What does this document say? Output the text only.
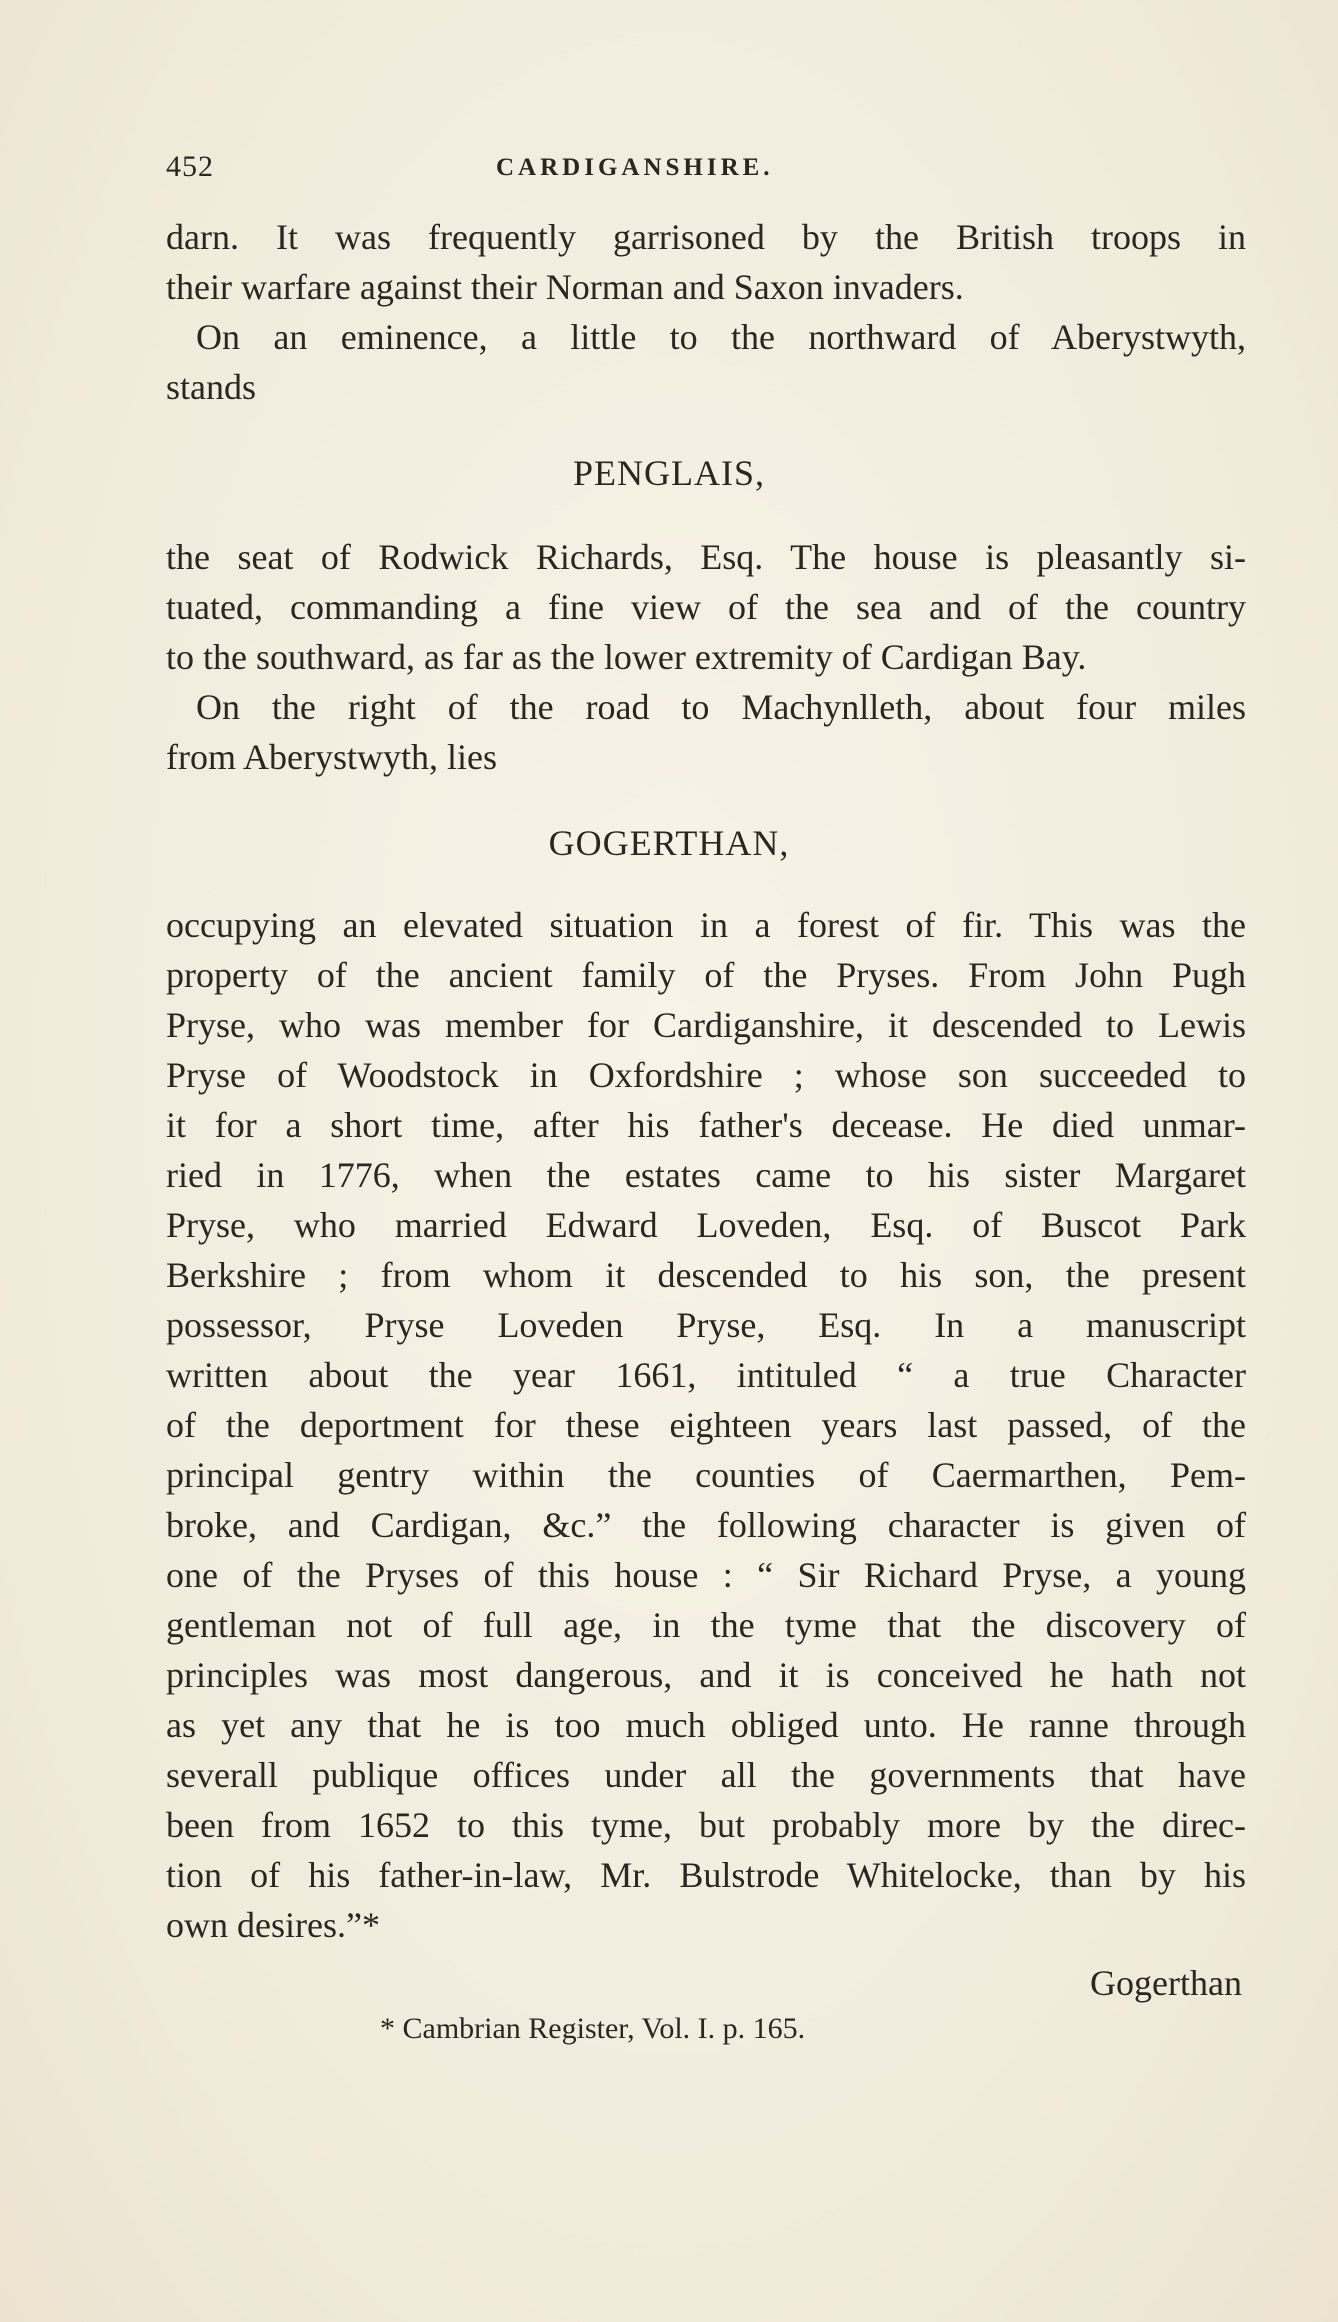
452	CARDIGANSHIRE.
darn. It was frequently garrisoned by the British troops in
their warfare against their Norman and Saxon invaders.
On an eminence, a little to the northward of Aberystwyth,
stands
PENGLAIS,
the seat of Rodwick Richards, Esq. The house is pleasantly si-
tuated, commanding a fine view of the sea and of the country
to the southward, as far as the lower extremity of Cardigan Bay.
On the right of the road to Machynlleth, about four miles
from Aberystwyth, lies
GOGERTHAN,
occupying an elevated situation in a forest of fir. This was the
property of the ancient family of the Pryses. From John Pugh
Pryse, who was member for Cardiganshire, it descended to Lewis
Pryse of Woodstock in Oxfordshire ; whose son succeeded to
it for a short time, after his father's decease. He died unmar-
ried in 1776, when the estates came to his sister Margaret
Pryse, who married Edward Loveden, Esq. of Buscot Park
Berkshire ; from whom it descended to his son, the present
possessor, Pryse Loveden Pryse, Esq. In a manuscript
written about the year 1661, intituled “ a true Character
of the deportment for these eighteen years last passed, of the
principal gentry within the counties of Caermarthen, Pem-
broke, and Cardigan, &c.” the following character is given of
one of the Pryses of this house : “ Sir Richard Pryse, a young
gentleman not of full age, in the tyme that the discovery of
principles was most dangerous, and it is conceived he hath not
as yet any that he is too much obliged unto. He ranne through
severall publique offices under all the governments that have
been from 1652 to this tyme, but probably more by the direc-
tion of his father-in-law, Mr. Bulstrode Whitelocke, than by his
own desires.”*
Gogerthan
* Cambrian Register, Vol. I. p. 165.
